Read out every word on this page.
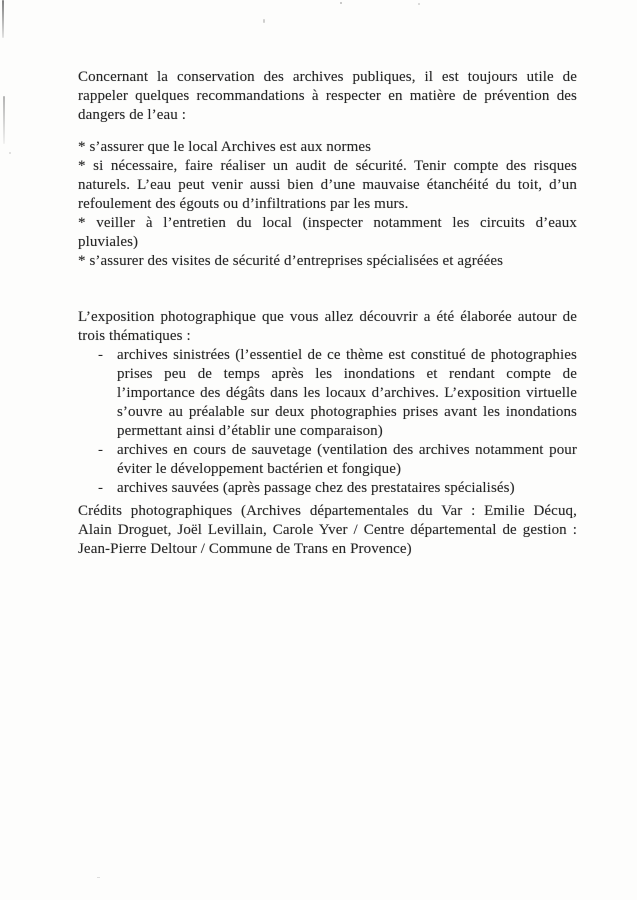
Concernant la conservation des archives publiques, il est toujours utile de
rappeler quelques recommandations à respecter en matière de prévention des
dangers de l’eau :
* s’assurer que le local Archives est aux normes
* si nécessaire, faire réaliser un audit de sécurité. Tenir compte des risques
naturels. L’eau peut venir aussi bien d’une mauvaise étanchéité du toit, d’un
refoulement des égouts ou d’infiltrations par les murs.
* veiller à l’entretien du local (inspecter notamment les circuits d’eaux
pluviales)
* s’assurer des visites de sécurité d’entreprises spécialisées et agréées
L’exposition photographique que vous allez découvrir a été élaborée autour de
trois thématiques :
- archives sinistrées (l’essentiel de ce thème est constitué de photographies
prises peu de temps après les inondations et rendant compte de
l’importance des dégâts dans les locaux d’archives. L’exposition virtuelle
s’ouvre au préalable sur deux photographies prises avant les inondations
permettant ainsi d’établir une comparaison)
- archives en cours de sauvetage (ventilation des archives notamment pour
éviter le développement bactérien et fongique)
- archives sauvées (après passage chez des prestataires spécialisés)
Crédits photographiques (Archives départementales du Var : Emilie Décuq,
Alain Droguet, Joël Levillain, Carole Yver / Centre départemental de gestion :
Jean-Pierre Deltour / Commune de Trans en Provence)
